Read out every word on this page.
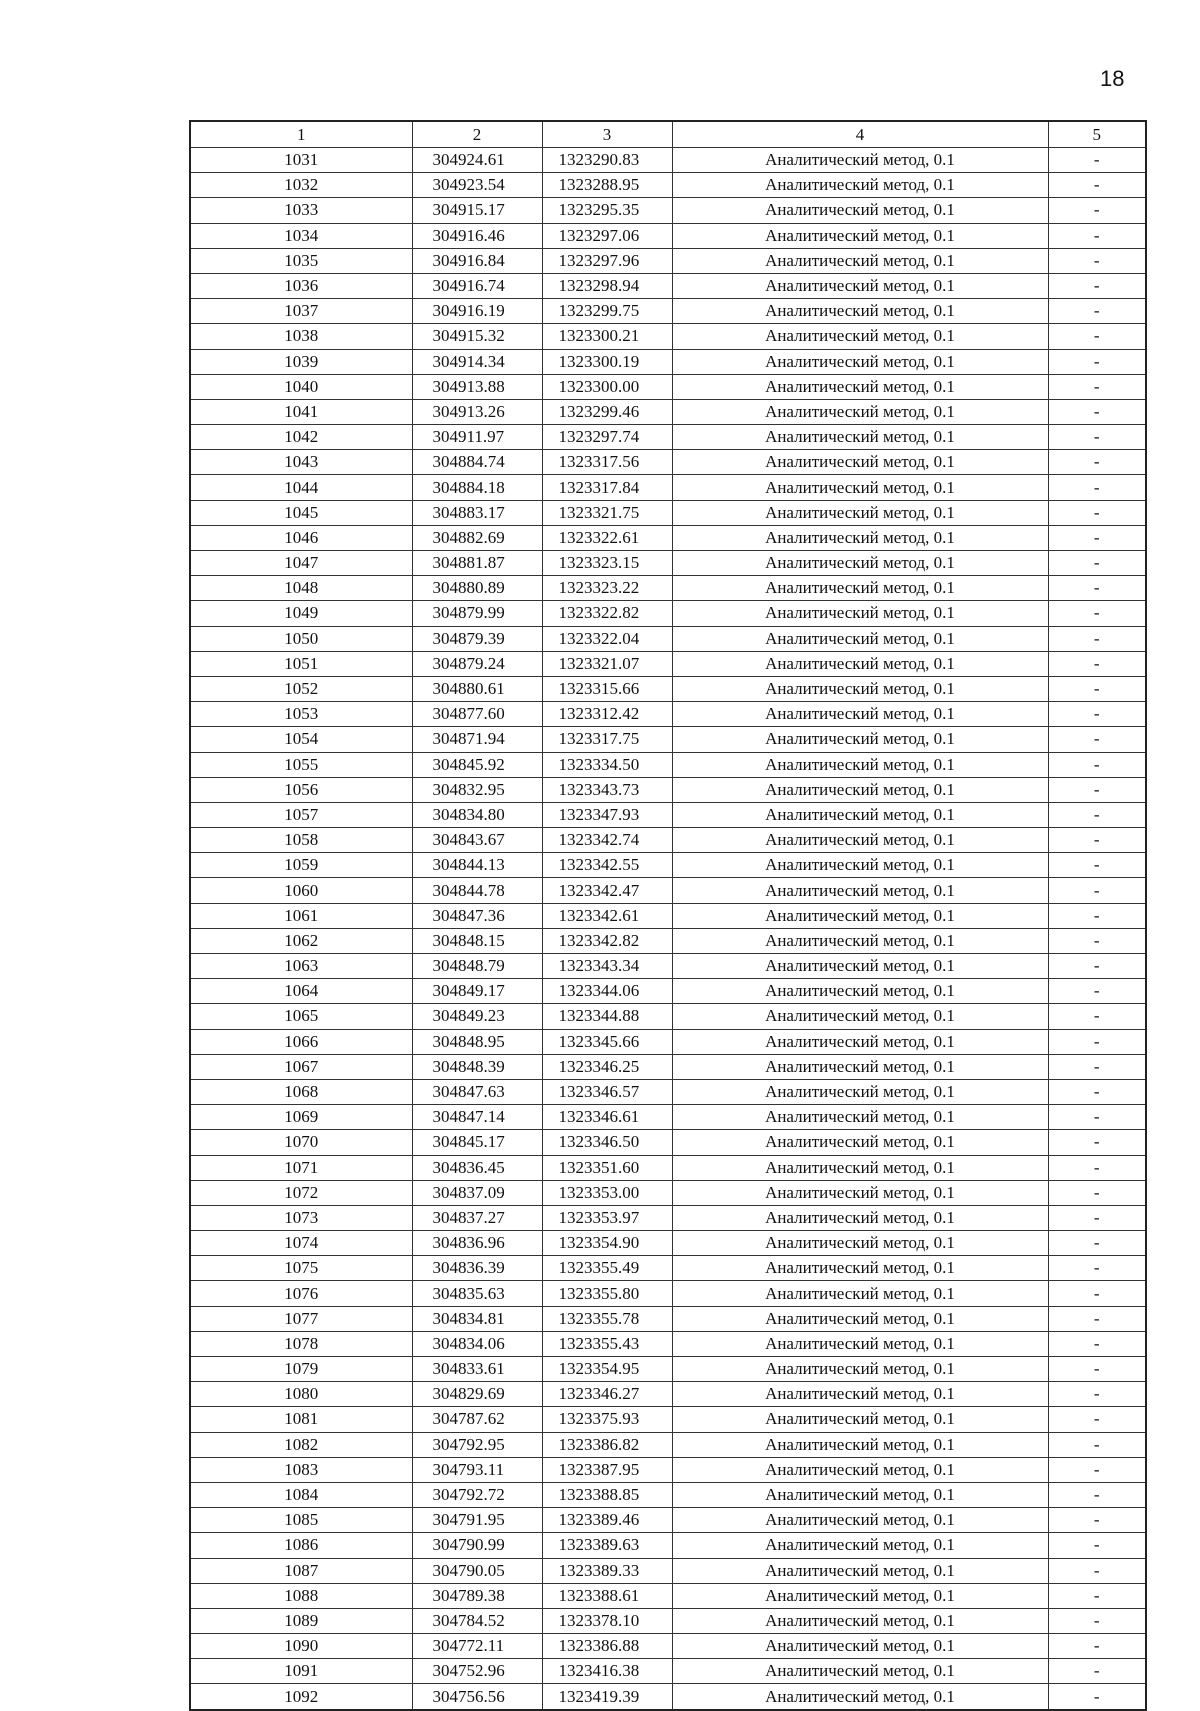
18
1	2	3	4	5
1031	304924.61	1323290.83	Аналитический метод, 0.1	-
1032	304923.54	1323288.95	Аналитический метод, 0.1	-
1033	304915.17	1323295.35	Аналитический метод, 0.1	-
1034	304916.46	1323297.06	Аналитический метод, 0.1	-
1035	304916.84	1323297.96	Аналитический метод, 0.1	-
1036	304916.74	1323298.94	Аналитический метод, 0.1	-
1037	304916.19	1323299.75	Аналитический метод, 0.1	-
1038	304915.32	1323300.21	Аналитический метод, 0.1	-
1039	304914.34	1323300.19	Аналитический метод, 0.1	-
1040	304913.88	1323300.00	Аналитический метод, 0.1	-
1041	304913.26	1323299.46	Аналитический метод, 0.1	-
1042	304911.97	1323297.74	Аналитический метод, 0.1	-
1043	304884.74	1323317.56	Аналитический метод, 0.1	-
1044	304884.18	1323317.84	Аналитический метод, 0.1	-
1045	304883.17	1323321.75	Аналитический метод, 0.1	-
1046	304882.69	1323322.61	Аналитический метод, 0.1	-
1047	304881.87	1323323.15	Аналитический метод, 0.1	-
1048	304880.89	1323323.22	Аналитический метод, 0.1	-
1049	304879.99	1323322.82	Аналитический метод, 0.1	-
1050	304879.39	1323322.04	Аналитический метод, 0.1	-
1051	304879.24	1323321.07	Аналитический метод, 0.1	-
1052	304880.61	1323315.66	Аналитический метод, 0.1	-
1053	304877.60	1323312.42	Аналитический метод, 0.1	-
1054	304871.94	1323317.75	Аналитический метод, 0.1	-
1055	304845.92	1323334.50	Аналитический метод, 0.1	-
1056	304832.95	1323343.73	Аналитический метод, 0.1	-
1057	304834.80	1323347.93	Аналитический метод, 0.1	-
1058	304843.67	1323342.74	Аналитический метод, 0.1	-
1059	304844.13	1323342.55	Аналитический метод, 0.1	-
1060	304844.78	1323342.47	Аналитический метод, 0.1	-
1061	304847.36	1323342.61	Аналитический метод, 0.1	-
1062	304848.15	1323342.82	Аналитический метод, 0.1	-
1063	304848.79	1323343.34	Аналитический метод, 0.1	-
1064	304849.17	1323344.06	Аналитический метод, 0.1	-
1065	304849.23	1323344.88	Аналитический метод, 0.1	-
1066	304848.95	1323345.66	Аналитический метод, 0.1	-
1067	304848.39	1323346.25	Аналитический метод, 0.1	-
1068	304847.63	1323346.57	Аналитический метод, 0.1	-
1069	304847.14	1323346.61	Аналитический метод, 0.1	-
1070	304845.17	1323346.50	Аналитический метод, 0.1	-
1071	304836.45	1323351.60	Аналитический метод, 0.1	-
1072	304837.09	1323353.00	Аналитический метод, 0.1	-
1073	304837.27	1323353.97	Аналитический метод, 0.1	-
1074	304836.96	1323354.90	Аналитический метод, 0.1	-
1075	304836.39	1323355.49	Аналитический метод, 0.1	-
1076	304835.63	1323355.80	Аналитический метод, 0.1	-
1077	304834.81	1323355.78	Аналитический метод, 0.1	-
1078	304834.06	1323355.43	Аналитический метод, 0.1	-
1079	304833.61	1323354.95	Аналитический метод, 0.1	-
1080	304829.69	1323346.27	Аналитический метод, 0.1	-
1081	304787.62	1323375.93	Аналитический метод, 0.1	-
1082	304792.95	1323386.82	Аналитический метод, 0.1	-
1083	304793.11	1323387.95	Аналитический метод, 0.1	-
1084	304792.72	1323388.85	Аналитический метод, 0.1	-
1085	304791.95	1323389.46	Аналитический метод, 0.1	-
1086	304790.99	1323389.63	Аналитический метод, 0.1	-
1087	304790.05	1323389.33	Аналитический метод, 0.1	-
1088	304789.38	1323388.61	Аналитический метод, 0.1	-
1089	304784.52	1323378.10	Аналитический метод, 0.1	-
1090	304772.11	1323386.88	Аналитический метод, 0.1	-
1091	304752.96	1323416.38	Аналитический метод, 0.1	-
1092	304756.56	1323419.39	Аналитический метод, 0.1	-
